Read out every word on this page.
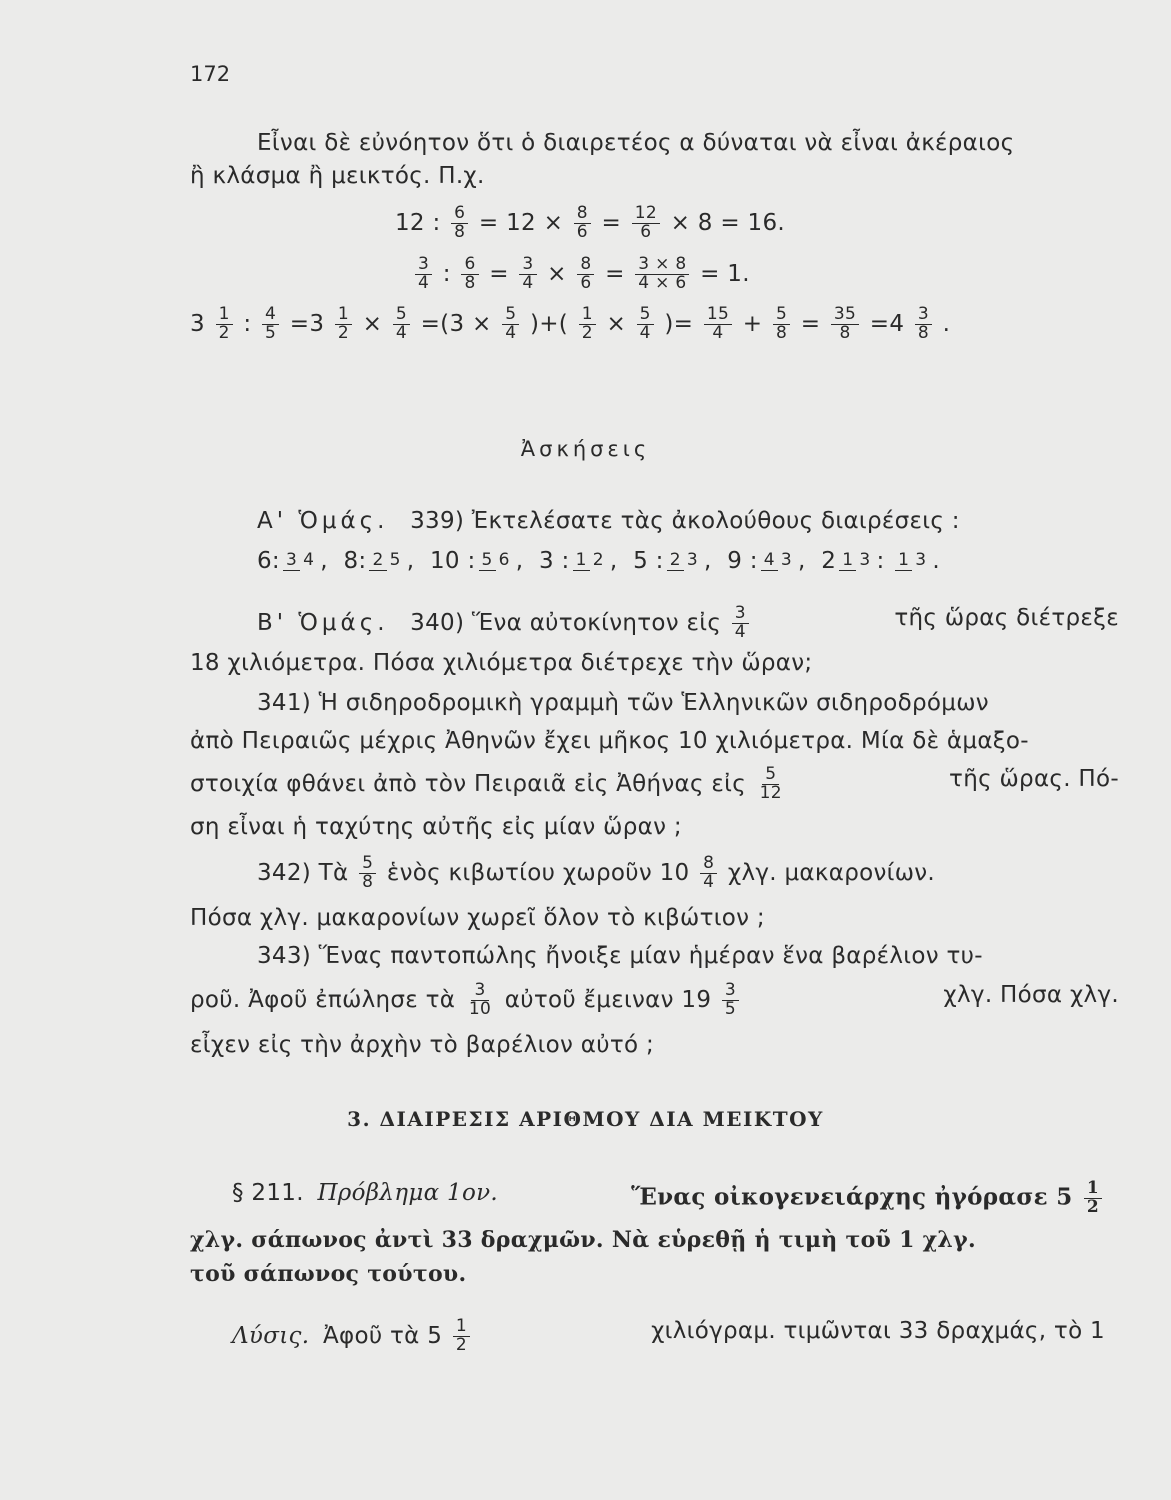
172
Εἶναι δὲ εὐνόητον ὅτι ὁ διαιρετέος α δύναται νὰ εἶναι ἀκέραιος
ἢ κλάσμα ἢ μεικτός. Π.χ.
12 : $\frac{6}{8} = 12 \times \frac{8}{6} = \frac{12}{6} \times 8 = 16$.
$\frac{3}{4}$ : $\frac{6}{8} = \frac{3}{4} \times \frac{8}{6} = \frac{3 \times 8}{4 \times 6} = 1$.
$3 \frac{1}{2}$ : $\frac{4}{5} =3 \frac{1}{2} \times \frac{5}{4} =(3 \times \frac{5}{4}$ )+( $\frac{1}{2} \times \frac{5}{4}$ )= $\frac{15}{4} + \frac{5}{8} = \frac{35}{8} =4 \frac{3}{8}$ .
Ἀσκήσεις
Α' Ὁμάς. 339) Ἐκτελέσατε τὰς ἀκολούθους διαιρέσεις :
6: 3 4 , 8: 2 5 , 10 : 5 6 , 3 : 1 2 , 5 : 2 3 , 9 : 4 3 , 2 1 3 : 1 3 .
Β' Ὁμάς. 340) Ἕνα αὐτοκίνητον εἰς $\frac{3}{4}$	τῆς ὥρας διέτρεξε
18 χιλιόμετρα. Πόσα χιλιόμετρα διέτρεχε τὴν ὥραν;
341) Ἡ σιδηροδρομικὴ γραμμὴ τῶν Ἑλληνικῶν σιδηροδρόμων
ἀπὸ Πειραιῶς μέχρις Ἀθηνῶν ἔχει μῆκος 10 χιλιόμετρα. Μία δὲ ἁμαξο-
στοιχία φθάνει ἀπὸ τὸν Πειραιᾶ εἰς Ἀθήνας εἰς $\frac{5}{12}$	τῆς ὥρας. Πό-
ση εἶναι ἡ ταχύτης αὐτῆς εἰς μίαν ὥραν ;
342) Τὰ $\frac{5}{8}$ ἑνὸς κιβωτίου χωροῦν $10 \frac{8}{4} \chi\lambda\gamma$. μακαρονίων.
Πόσα χλγ. μακαρονίων χωρεῖ ὅλον τὸ κιβώτιον ;
343) Ἕνας παντοπώλης ἤνοιξε μίαν ἡμέραν ἕνα βαρέλιον τυ-
ροῦ. Ἀφοῦ ἐπώλησε τὰ $\frac{3}{10}$ αὐτοῦ ἔμειναν $19 \frac{3}{5}$	χλγ. Πόσα χλγ.
εἶχεν εἰς τὴν ἀρχὴν τὸ βαρέλιον αὐτό ;
3. ΔΙΑΙΡΕΣΙΣ ΑΡΙΘΜΟΥ ΔΙΑ ΜΕΙΚΤΟΥ
§ 211. Πρόβλημα 1ον.	Ἕνας οἰκογενειάρχης ἠγόρασε $5 \frac{1}{2}$
χλγ. σάπωνος ἀντὶ 33 δραχμῶν. Νὰ εὑρεθῇ ἡ τιμὴ τοῦ 1 χλγ.
τοῦ σάπωνος τούτου.
Λύσις. Ἀφοῦ τὰ $5 \frac{1}{2}$	χιλιόγραμ. τιμῶνται 33 δραχμάς, τὸ 1
